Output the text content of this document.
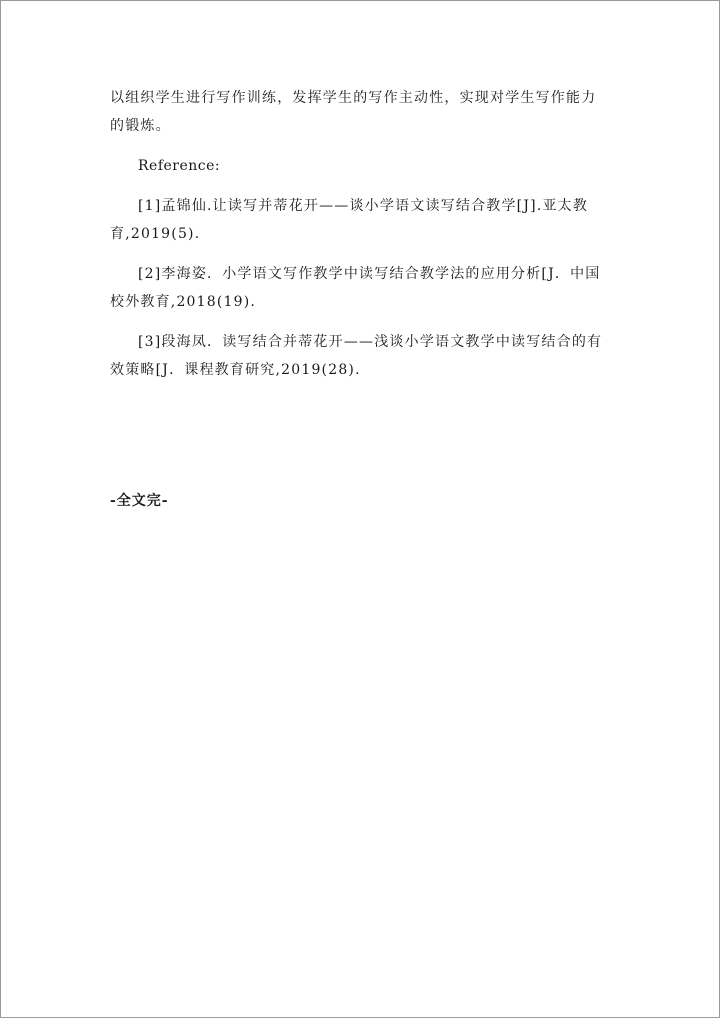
以组织学生进行写作训练，发挥学生的写作主动性，实现对学生写作能力的锻炼。

Reference:

[1]孟锦仙.让读写并蒂花开——谈小学语文读写结合教学[J].亚太教育,2019(5).

[2]李海姿．小学语文写作教学中读写结合教学法的应用分析[J．中国校外教育,2018(19).

[3]段海凤．读写结合并蒂花开——浅谈小学语文教学中读写结合的有效策略[J．课程教育研究,2019(28).

-全文完-
